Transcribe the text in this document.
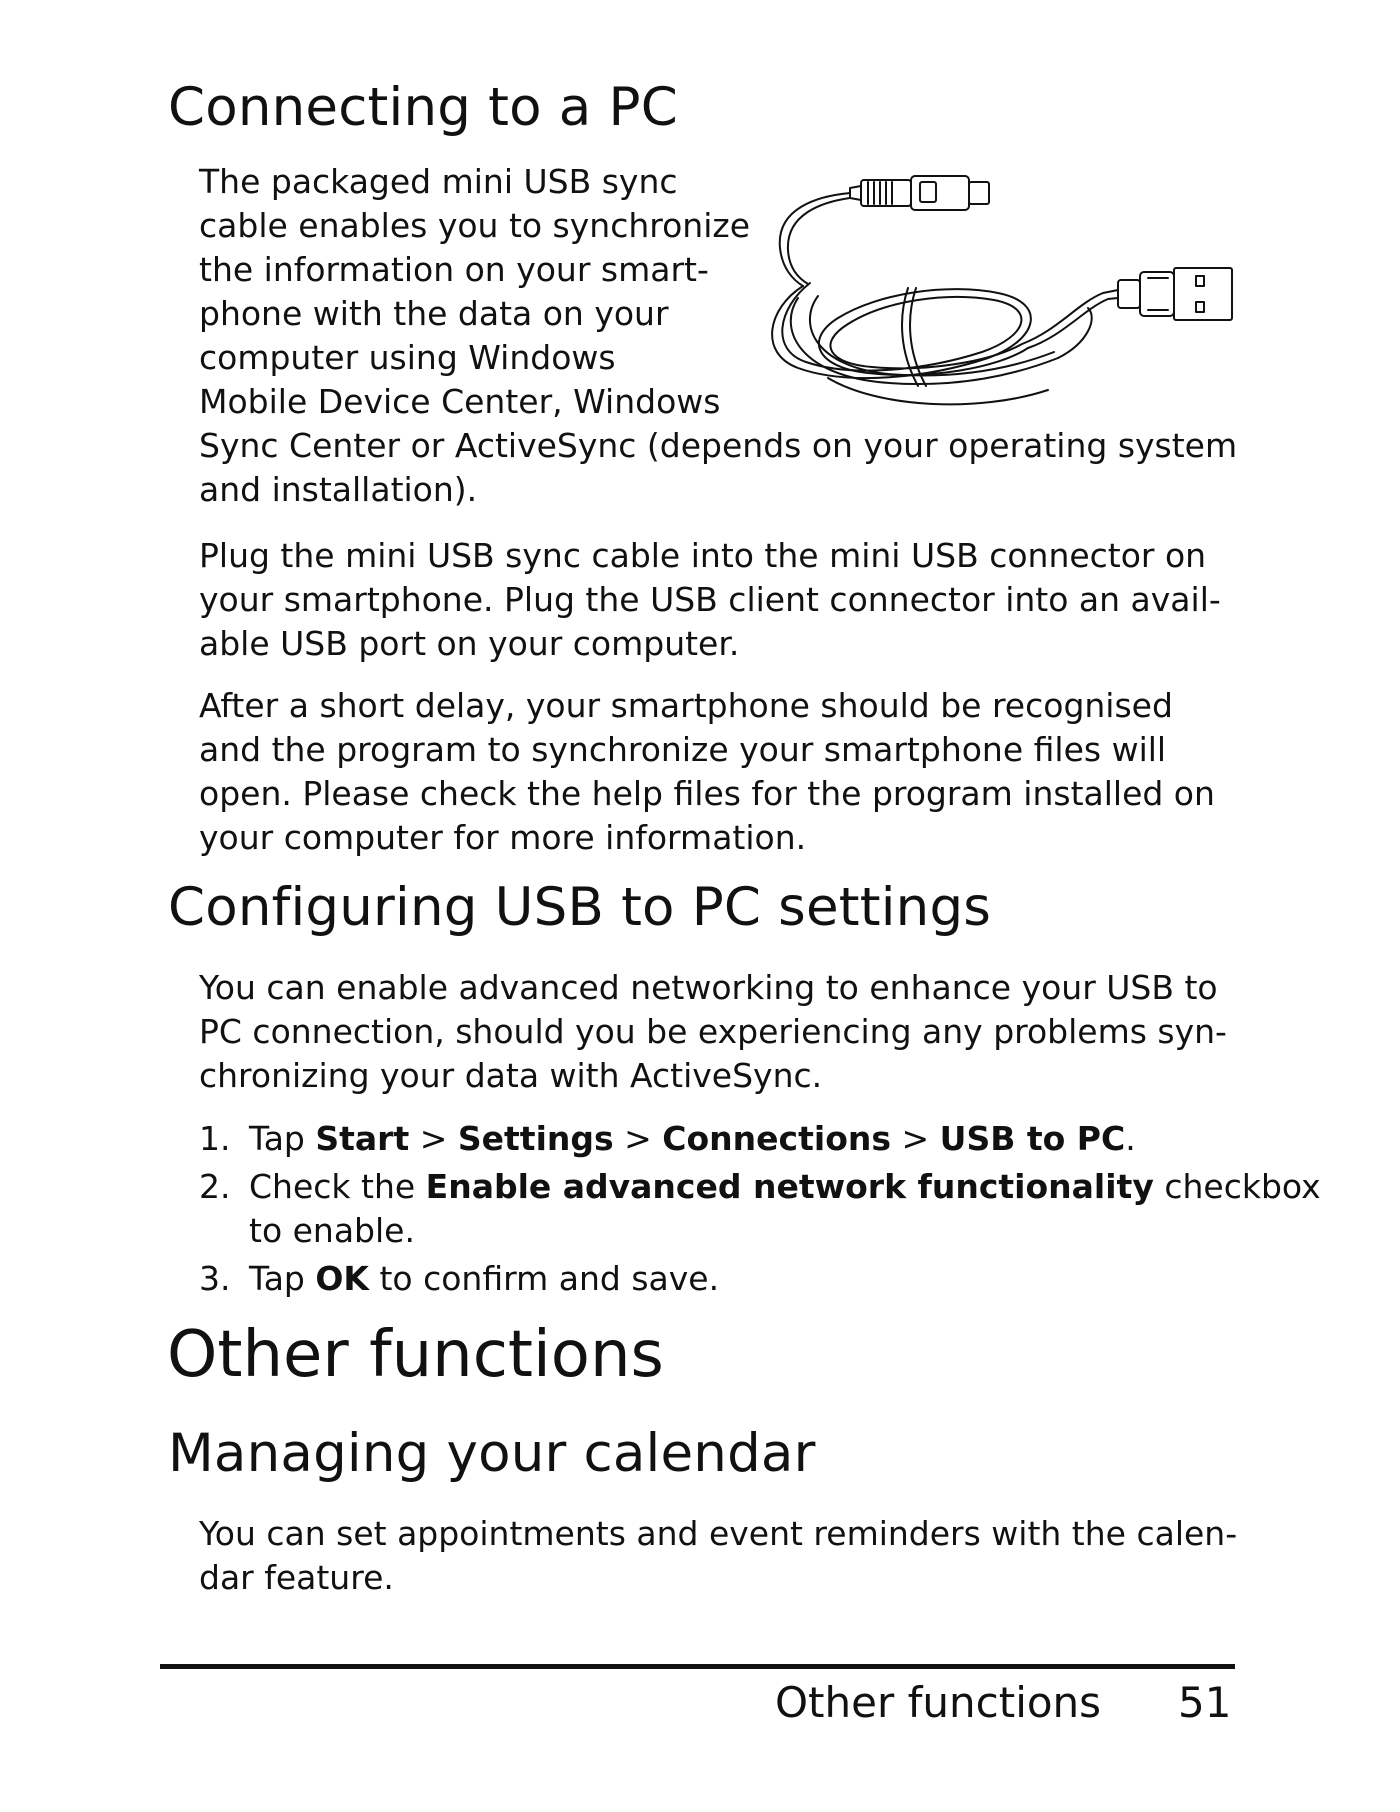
Connecting to a PC

The packaged mini USB sync
cable enables you to synchronize
the information on your smart-
phone with the data on your
computer using Windows
Mobile Device Center, Windows
Sync Center or ActiveSync (depends on your operating system
and installation).

Plug the mini USB sync cable into the mini USB connector on
your smartphone. Plug the USB client connector into an avail-
able USB port on your computer.

After a short delay, your smartphone should be recognised
and the program to synchronize your smartphone files will
open. Please check the help files for the program installed on
your computer for more information.

Configuring USB to PC settings

You can enable advanced networking to enhance your USB to
PC connection, should you be experiencing any problems syn-
chronizing your data with ActiveSync.

1. Tap Start > Settings > Connections > USB to PC.
2. Check the Enable advanced network functionality checkbox
to enable.
3. Tap OK to confirm and save.
Other functions
Managing your calendar

You can set appointments and event reminders with the calen-
dar feature.

Other functions 51
